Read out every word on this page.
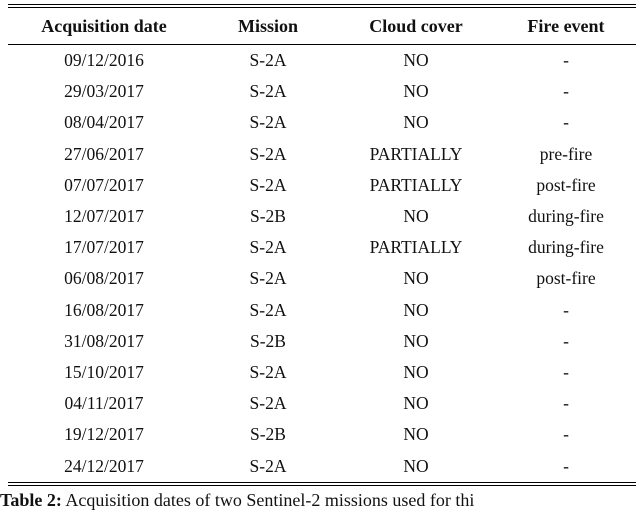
Acquisition date	Mission	Cloud cover	Fire event
09/12/2016	S-2A	NO	-
29/03/2017	S-2A	NO	-
08/04/2017	S-2A	NO	-
27/06/2017	S-2A	PARTIALLY	pre-fire
07/07/2017	S-2A	PARTIALLY	post-fire
12/07/2017	S-2B	NO	during-fire
17/07/2017	S-2A	PARTIALLY	during-fire
06/08/2017	S-2A	NO	post-fire
16/08/2017	S-2A	NO	-
31/08/2017	S-2B	NO	-
15/10/2017	S-2A	NO	-
04/11/2017	S-2A	NO	-
19/12/2017	S-2B	NO	-
24/12/2017	S-2A	NO	-
Table 2: Acquisition dates of two Sentinel-2 missions used for thi
